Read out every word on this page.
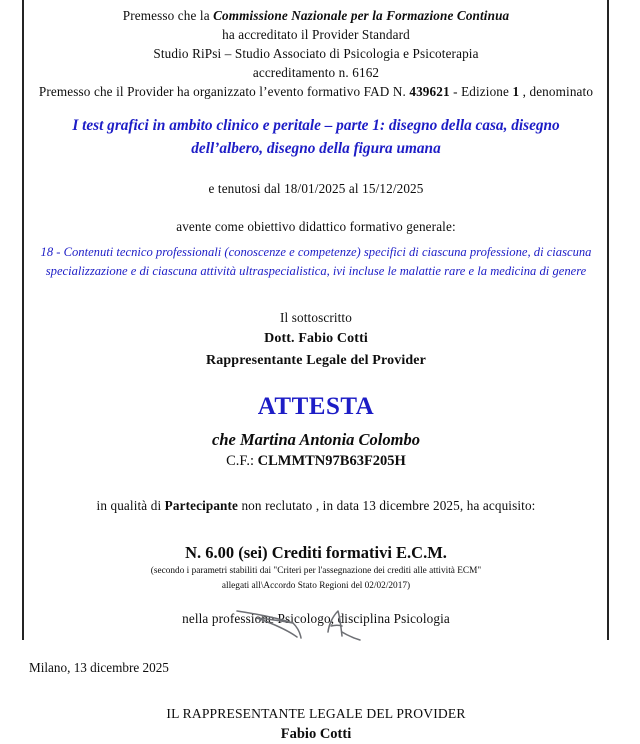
Premesso che la Commissione Nazionale per la Formazione Continua
ha accreditato il Provider Standard
Studio RiPsi – Studio Associato di Psicologia e Psicoterapia
accreditamento n. 6162
Premesso che il Provider ha organizzato l’evento formativo FAD N. 439621 - Edizione 1 , denominato
I test grafici in ambito clinico e peritale – parte 1: disegno della casa, disegno dell’albero, disegno della figura umana
e tenutosi dal 18/01/2025 al 15/12/2025
avente come obiettivo didattico formativo generale:
18 - Contenuti tecnico professionali (conoscenze e competenze) specifici di ciascuna professione, di ciascuna specializzazione e di ciascuna attività ultraspecialistica, ivi incluse le malattie rare e la medicina di genere
Il sottoscritto
Dott. Fabio Cotti
Rappresentante Legale del Provider
ATTESTA
che Martina Antonia Colombo
C.F.: CLMMTN97B63F205H
in qualità di Partecipante non reclutato , in data 13 dicembre 2025, ha acquisito:
N. 6.00 (sei) Crediti formativi E.C.M.
(secondo i parametri stabiliti dai "Criteri per l'assegnazione dei crediti alle attività ECM"
allegati all\Accordo Stato Regioni del 02/02/2017)
nella professione Psicologo, disciplina Psicologia
Milano, 13 dicembre 2025
IL RAPPRESENTANTE LEGALE DEL PROVIDER
Fabio Cotti
